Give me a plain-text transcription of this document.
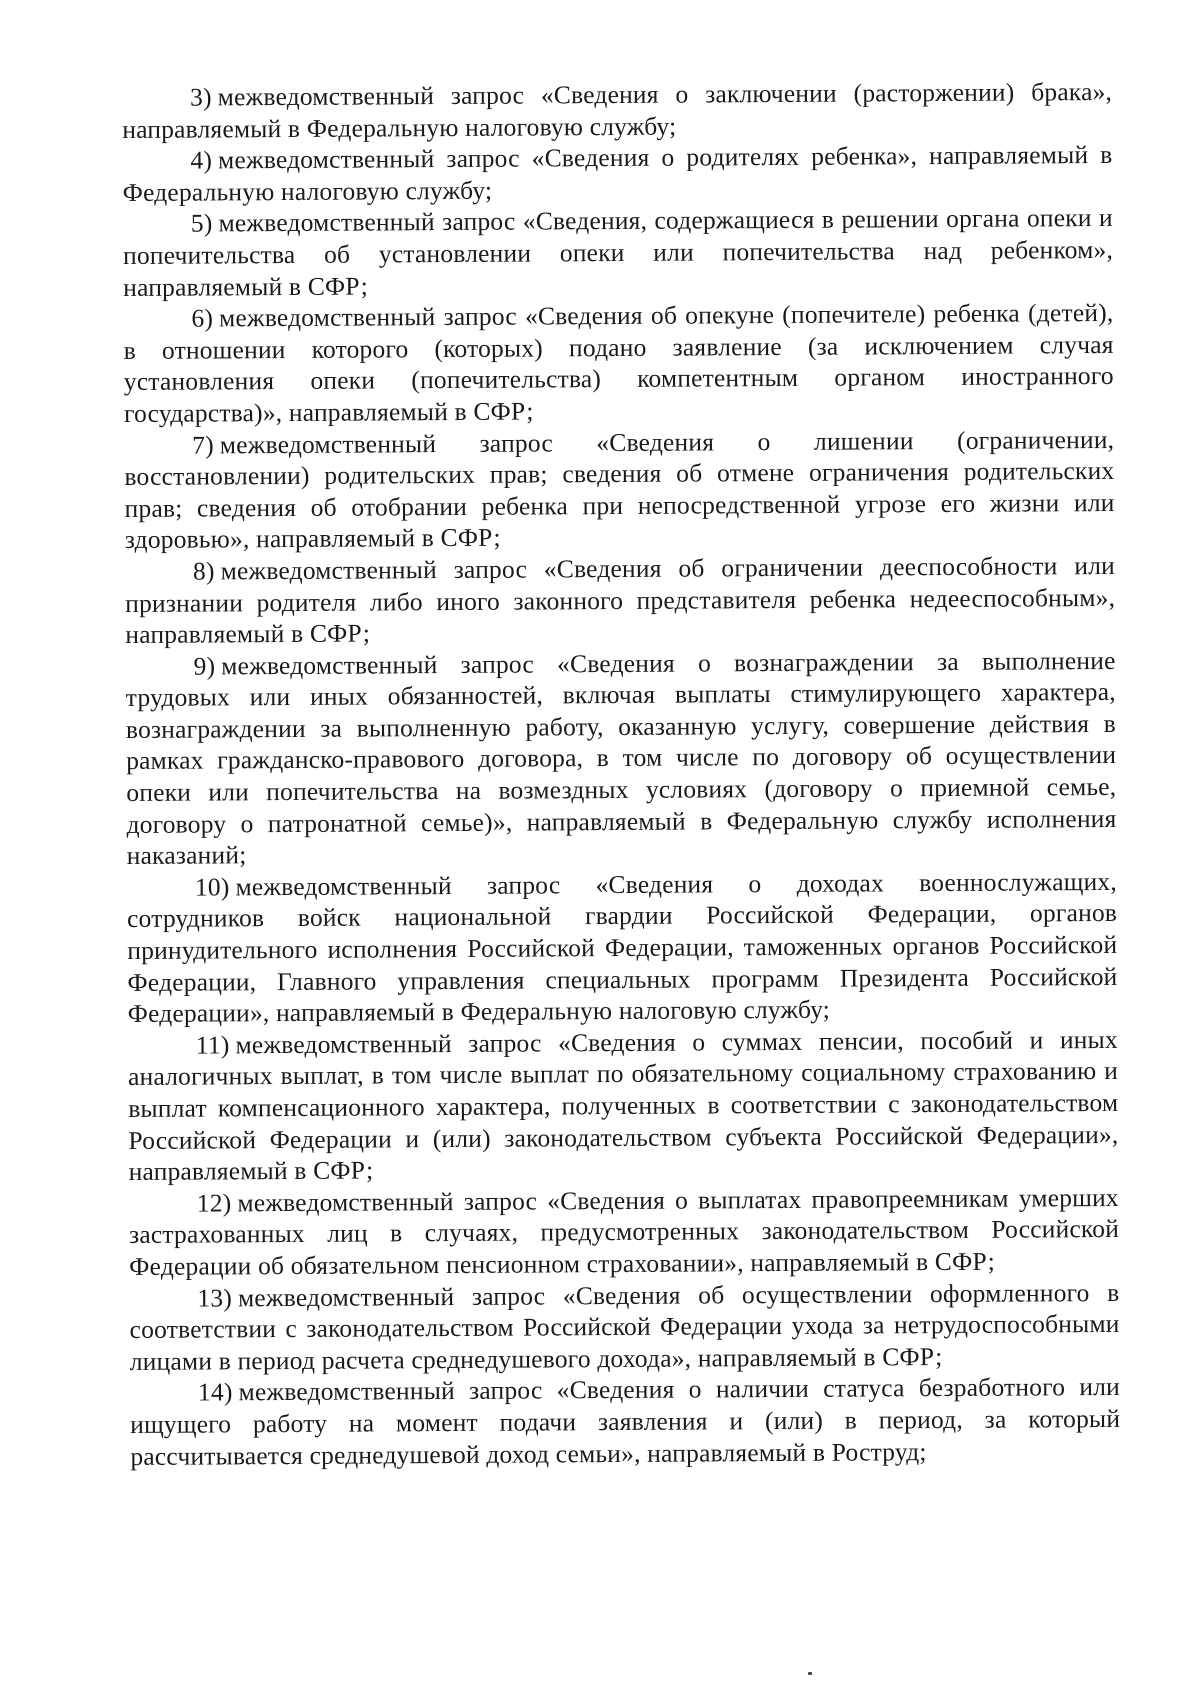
3) межведомственный запрос «Сведения о заключении (расторжении) брака», направляемый в Федеральную налоговую службу;

4) межведомственный запрос «Сведения о родителях ребенка», направляемый в Федеральную налоговую службу;

5) межведомственный запрос «Сведения, содержащиеся в решении органа опеки и попечительства об установлении опеки или попечительства над ребенком», направляемый в СФР;

6) межведомственный запрос «Сведения об опекуне (попечителе) ребенка (детей), в отношении которого (которых) подано заявление (за исключением случая установления опеки (попечительства) компетентным органом иностранного государства)», направляемый в СФР;

7) межведомственный запрос «Сведения о лишении (ограничении, восстановлении) родительских прав; сведения об отмене ограничения родительских прав; сведения об отобрании ребенка при непосредственной угрозе его жизни или здоровью», направляемый в СФР;

8) межведомственный запрос «Сведения об ограничении дееспособности или признании родителя либо иного законного представителя ребенка недееспособным», направляемый в СФР;

9) межведомственный запрос «Сведения о вознаграждении за выполнение трудовых или иных обязанностей, включая выплаты стимулирующего характера, вознаграждении за выполненную работу, оказанную услугу, совершение действия в рамках гражданско-правового договора, в том числе по договору об осуществлении опеки или попечительства на возмездных условиях (договору о приемной семье, договору о патронатной семье)», направляемый в Федеральную службу исполнения наказаний;

10) межведомственный запрос «Сведения о доходах военнослужащих, сотрудников войск национальной гвардии Российской Федерации, органов принудительного исполнения Российской Федерации, таможенных органов Российской Федерации, Главного управления специальных программ Президента Российской Федерации», направляемый в Федеральную налоговую службу;

11) межведомственный запрос «Сведения о суммах пенсии, пособий и иных аналогичных выплат, в том числе выплат по обязательному социальному страхованию и выплат компенсационного характера, полученных в соответствии с законодательством Российской Федерации и (или) законодательством субъекта Российской Федерации», направляемый в СФР;

12) межведомственный запрос «Сведения о выплатах правопреемникам умерших застрахованных лиц в случаях, предусмотренных законодательством Российской Федерации об обязательном пенсионном страховании», направляемый в СФР;

13) межведомственный запрос «Сведения об осуществлении оформленного в соответствии с законодательством Российской Федерации ухода за нетрудоспособными лицами в период расчета среднедушевого дохода», направляемый в СФР;

14) межведомственный запрос «Сведения о наличии статуса безработного или ищущего работу на момент подачи заявления и (или) в период, за который рассчитывается среднедушевой доход семьи», направляемый в Роструд;
